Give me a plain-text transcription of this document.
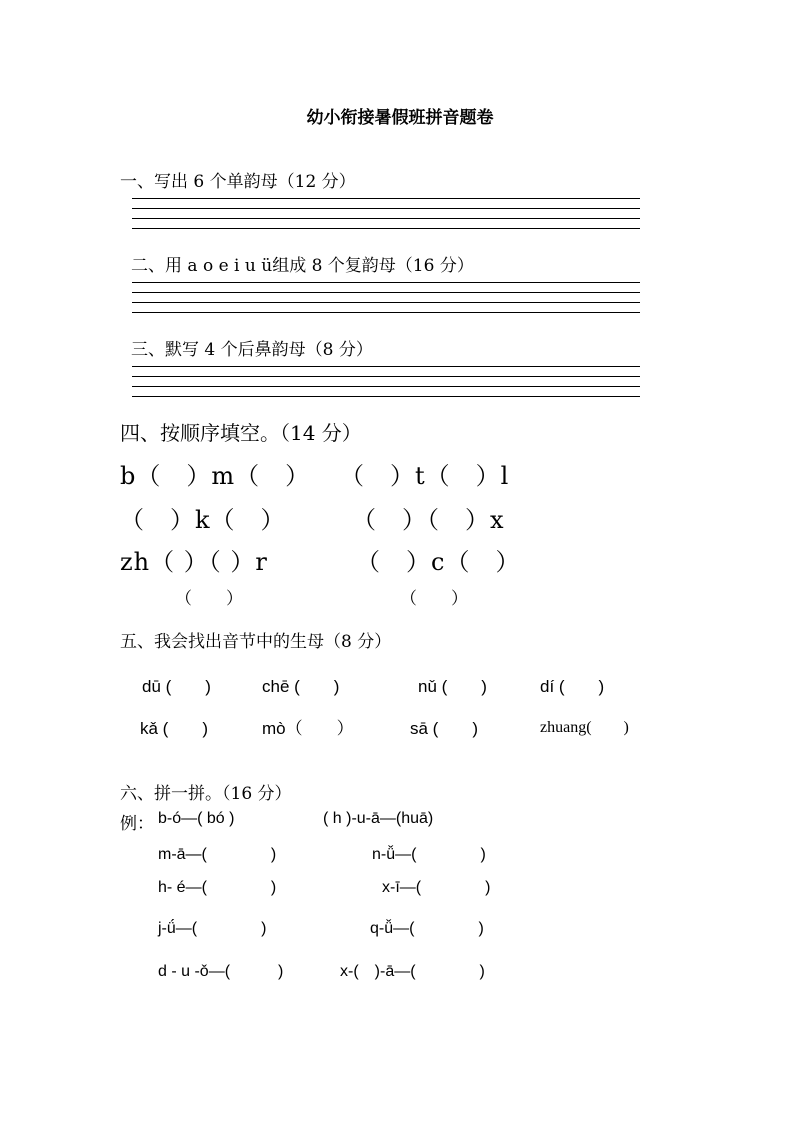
幼小衔接暑假班拼音题卷
一、写出 6 个单韵母（12 分）
二、用 a o e i u ü组成 8 个复韵母（16 分）
三、默写 4 个后鼻韵母（8 分）
四、按顺序填空。（14 分）
b（　）m（　） （　）t（　）l
（　）k（　）	（　）（　）x
zh（ ）（ ）r	（　）c（　）
（　　）	（　　）
五、我会找出音节中的生母（8 分）
dū (　　)	chē (　　)	nǔ (　　)	dí (　　)
kǎ (　　)	mò（　　）	sā (　　)	zhuang(　　)
六、拼一拼。（16 分）
例： b-ó—( bó )	( h )-u-ā—(huā)
m-ā—(　　　　)	n-ǚ—(　　　　)
h- é—(　　　　)	x-ī—(　　　　)
j-ǘ—(　　　　)	q-ǚ—(　　　　)
d - u -ǒ—(　　　)	x-(　)-ā—(　　　　)
